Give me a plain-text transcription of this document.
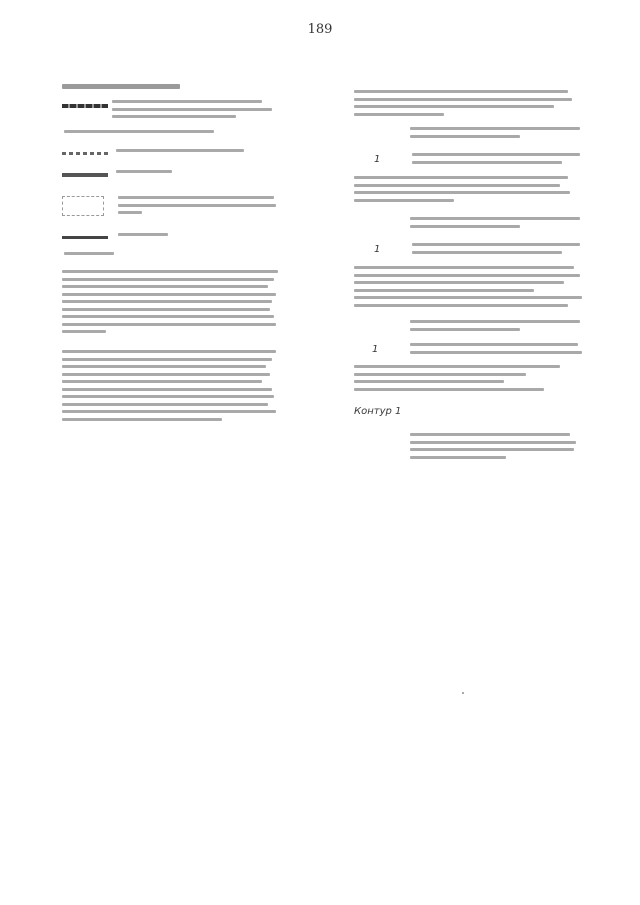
189
1
1
1
Контур 1
